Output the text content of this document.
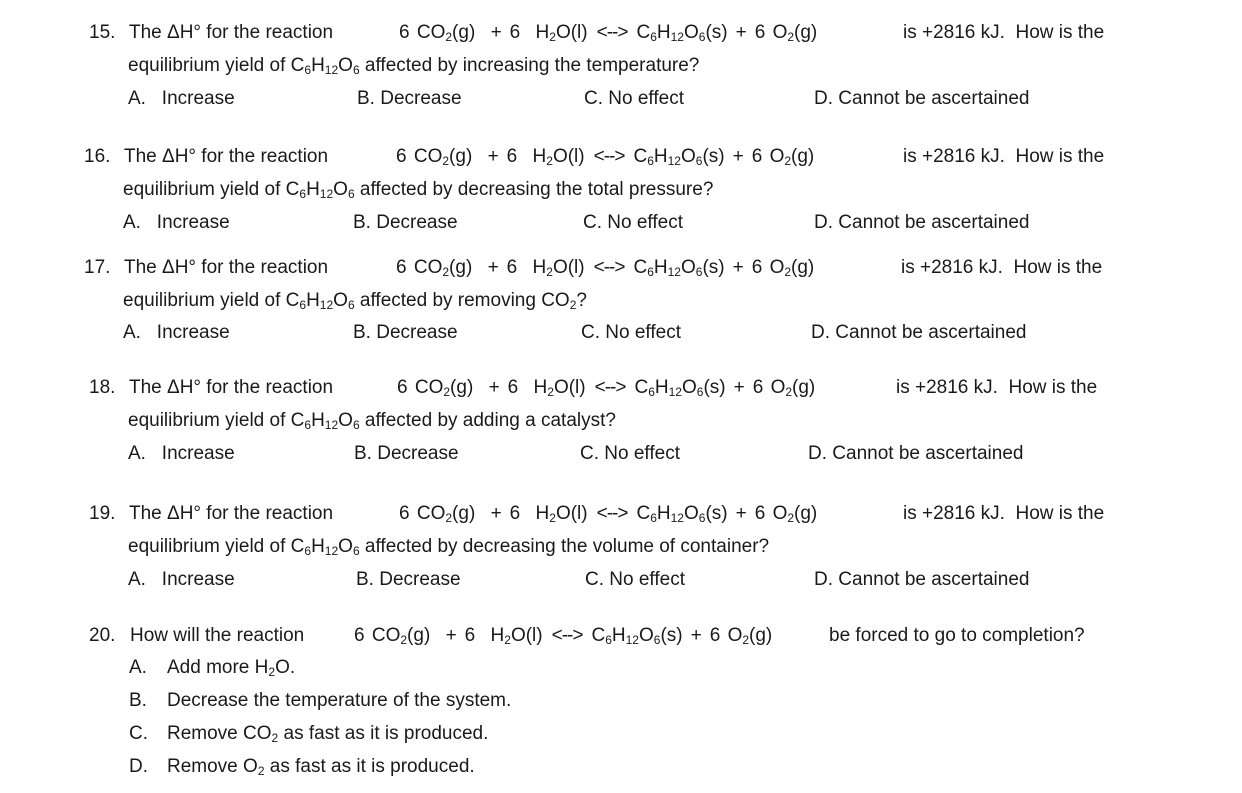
15. The ΔH° for the reaction	6 $CO_2(g) + 6$ $H_2O(l)$ <--> $C_6H_{12}O_6(s) + 6$ $O_2(g)$	is +2816 kJ.  How is the
equilibrium yield of $C_6H_{12}O_6$ affected by increasing the temperature?
A.   Increase	B. Decrease	C. No effect	D. Cannot be ascertained
16. The ΔH° for the reaction	6 $CO_2(g) + 6$ $H_2O(l)$ <--> $C_6H_{12}O_6(s) + 6$ $O_2(g)$	is +2816 kJ.  How is the
equilibrium yield of $C_6H_{12}O_6$ affected by decreasing the total pressure?
A.   Increase	B. Decrease	C. No effect	D. Cannot be ascertained
17. The ΔH° for the reaction	6 $CO_2(g) + 6$ $H_2O(l)$ <--> $C_6H_{12}O_6(s) + 6$ $O_2(g)$	is +2816 kJ.  How is the
equilibrium yield of $C_6H_{12}O_6$ affected by removing $CO_2$?
A.   Increase	B. Decrease	C. No effect	D. Cannot be ascertained
18. The ΔH° for the reaction	6 $CO_2(g) + 6$ $H_2O(l)$ <--> $C_6H_{12}O_6(s) + 6$ $O_2(g)$	is +2816 kJ.  How is the
equilibrium yield of $C_6H_{12}O_6$ affected by adding a catalyst?
A.   Increase	B. Decrease	C. No effect	D. Cannot be ascertained
19. The ΔH° for the reaction	6 $CO_2(g) + 6$ $H_2O(l)$ <--> $C_6H_{12}O_6(s) + 6$ $O_2(g)$	is +2816 kJ.  How is the
equilibrium yield of $C_6H_{12}O_6$ affected by decreasing the volume of container?
A.   Increase	B. Decrease	C. No effect	D. Cannot be ascertained
20. How will the reaction	6 $CO_2(g) + 6$ $H_2O(l)$ <--> $C_6H_{12}O_6(s) + 6$ $O_2(g)$	be forced to go to completion?
A. Add more $H_2O$.
B. Decrease the temperature of the system.
C. Remove $CO_2$ as fast as it is produced.
D. Remove $O_2$ as fast as it is produced.
